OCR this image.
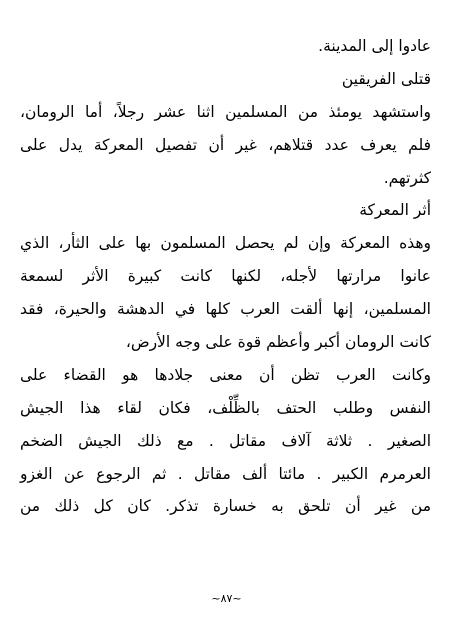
عادوا إلى المدينة.
قتلى الفريقين
واستشهد يومئذ من المسلمين اثنا عشر رجلاً، أما الرومان،
فلم يعرف عدد قتلاهم، غير أن تفصيل المعركة يدل على
كثرتهم.
أثر المعركة
وهذه المعركة وإن لم يحصل المسلمون بها على الثأر، الذي
عانوا مرارتها لأجله، لكنها كانت كبيرة الأثر لسمعة
المسلمين، إنها ألقت العرب كلها في الدهشة والحيرة، فقد
كانت الرومان أكبر وأعظم قوة على وجه الأرض،
وكانت العرب تظن أن معنى جلادها هو القضاء على
النفس وطلب الحتف بالظِّلْف، فكان لقاء هذا الجيش
الصغير . ثلاثة آلاف مقاتل . مع ذلك الجيش الضخم
العرمرم الكبير . مائتا ألف مقاتل . ثم الرجوع عن الغزو
من غير أن تلحق به خسارة تذكر. كان كل ذلك من
~٨٧~
